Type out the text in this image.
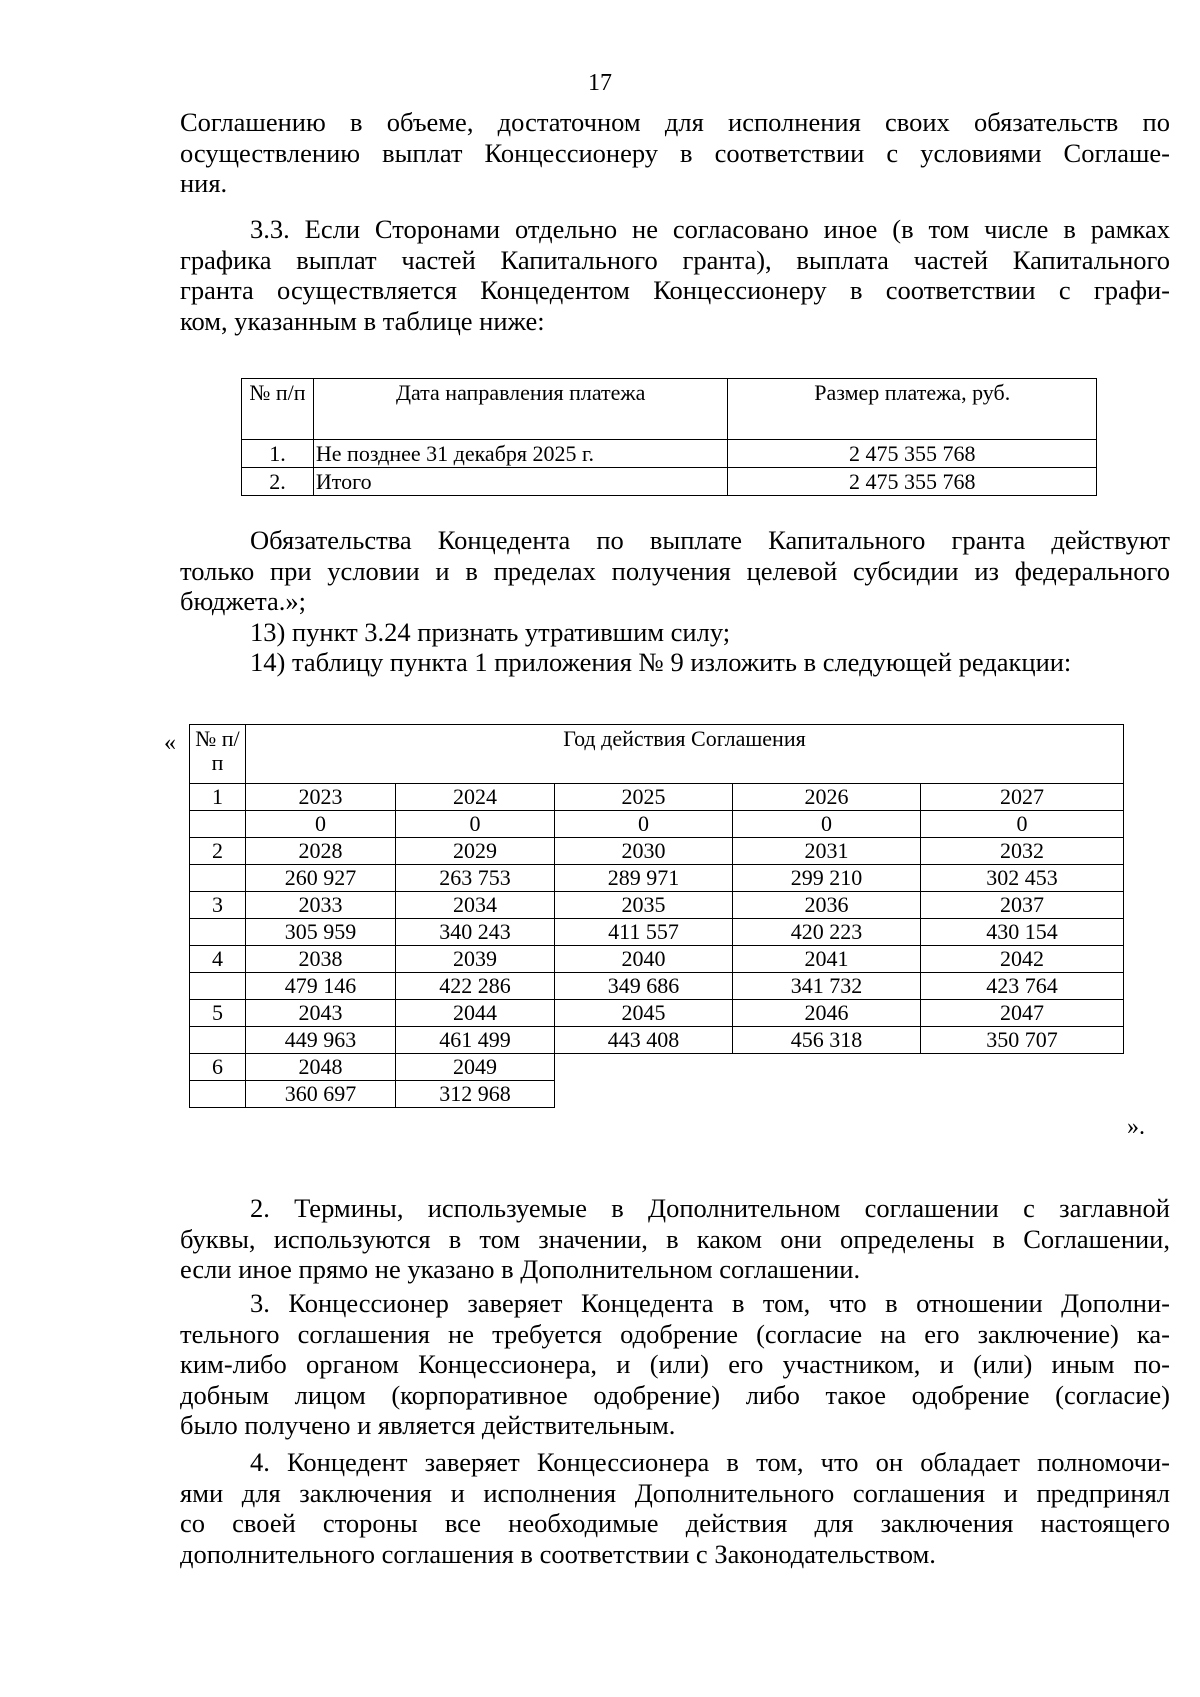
17
Соглашению в объеме, достаточном для исполнения своих обязательств по
осуществлению выплат Концессионеру в соответствии с условиями Соглаше-
ния.
3.3. Если Сторонами отдельно не согласовано иное (в том числе в рамках
графика выплат частей Капитального гранта), выплата частей Капитального
гранта осуществляется Концедентом Концессионеру в соответствии с графи-
ком, указанным в таблице ниже:
№ п/п	Дата направления платежа	Размер платежа, руб.
1.	Не позднее 31 декабря 2025 г.	2 475 355 768
2.	Итого	2 475 355 768
Обязательства Концедента по выплате Капитального гранта действуют
только при условии и в пределах получения целевой субсидии из федерального
бюджета.»;
13) пункт 3.24 признать утратившим силу;
14) таблицу пункта 1 приложения № 9 изложить в следующей редакции:
« № п/п	Год действия Соглашения				
1	2023	2024	2025	2026	2027
	0	0	0	0	0
2	2028	2029	2030	2031	2032
	260 927	263 753	289 971	299 210	302 453
3	2033	2034	2035	2036	2037
	305 959	340 243	411 557	420 223	430 154
4	2038	2039	2040	2041	2042
	479 146	422 286	349 686	341 732	423 764
5	2043	2044	2045	2046	2047
	449 963	461 499	443 408	456 318	350 707
6	2048	2049			
	360 697	312 968			
».
2. Термины, используемые в Дополнительном соглашении с заглавной
буквы, используются в том значении, в каком они определены в Соглашении,
если иное прямо не указано в Дополнительном соглашении.
3. Концессионер заверяет Концедента в том, что в отношении Дополни-
тельного соглашения не требуется одобрение (согласие на его заключение) ка-
ким-либо органом Концессионера, и (или) его участником, и (или) иным по-
добным лицом (корпоративное одобрение) либо такое одобрение (согласие)
было получено и является действительным.
4. Концедент заверяет Концессионера в том, что он обладает полномочи-
ями для заключения и исполнения Дополнительного соглашения и предпринял
со своей стороны все необходимые действия для заключения настоящего
дополнительного соглашения в соответствии с Законодательством.
